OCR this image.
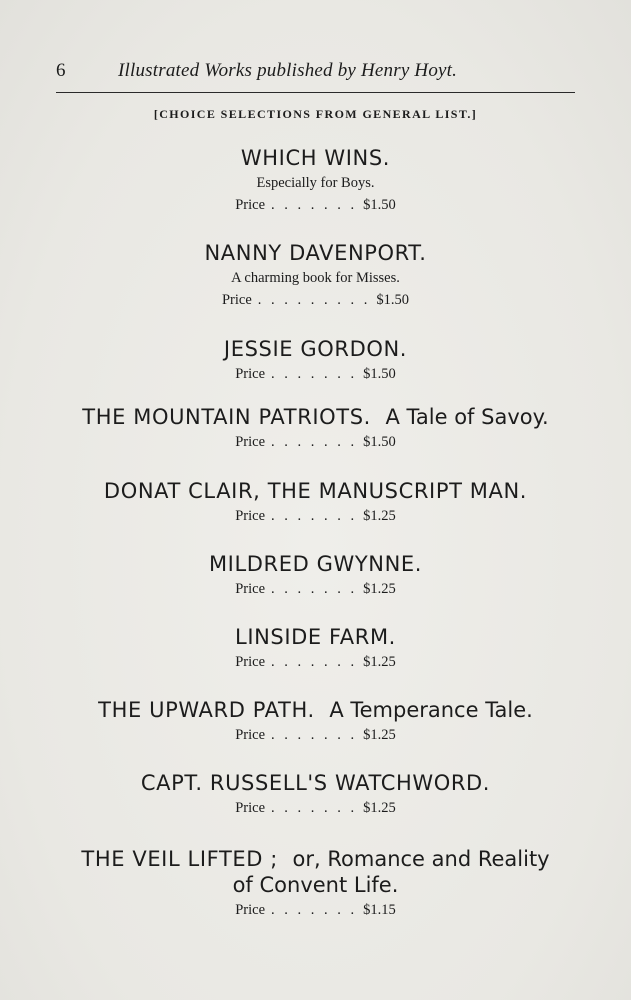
6	Illustrated Works published by Henry Hoyt.
[CHOICE SELECTIONS FROM GENERAL LIST.]
WHICH WINS.
Especially for Boys.
Price . . . . . . . $1.50
NANNY DAVENPORT.
A charming book for Misses.
Price . . . . . . . . . $1.50
JESSIE GORDON.
Price . . . . . . . $1.50
THE MOUNTAIN PATRIOTS. A Tale of Savoy.
Price . . . . . . . $1.50
DONAT CLAIR, THE MANUSCRIPT MAN.
Price . . . . . . . $1.25
MILDRED GWYNNE.
Price . . . . . . . $1.25
LINSIDE FARM.
Price . . . . . . . $1.25
THE UPWARD PATH. A Temperance Tale.
Price . . . . . . . $1.25
CAPT. RUSSELL'S WATCHWORD.
Price . . . . . . . $1.25
THE VEIL LIFTED ; or, Romance and Reality
of Convent Life.
Price . . . . . . . $1.15
